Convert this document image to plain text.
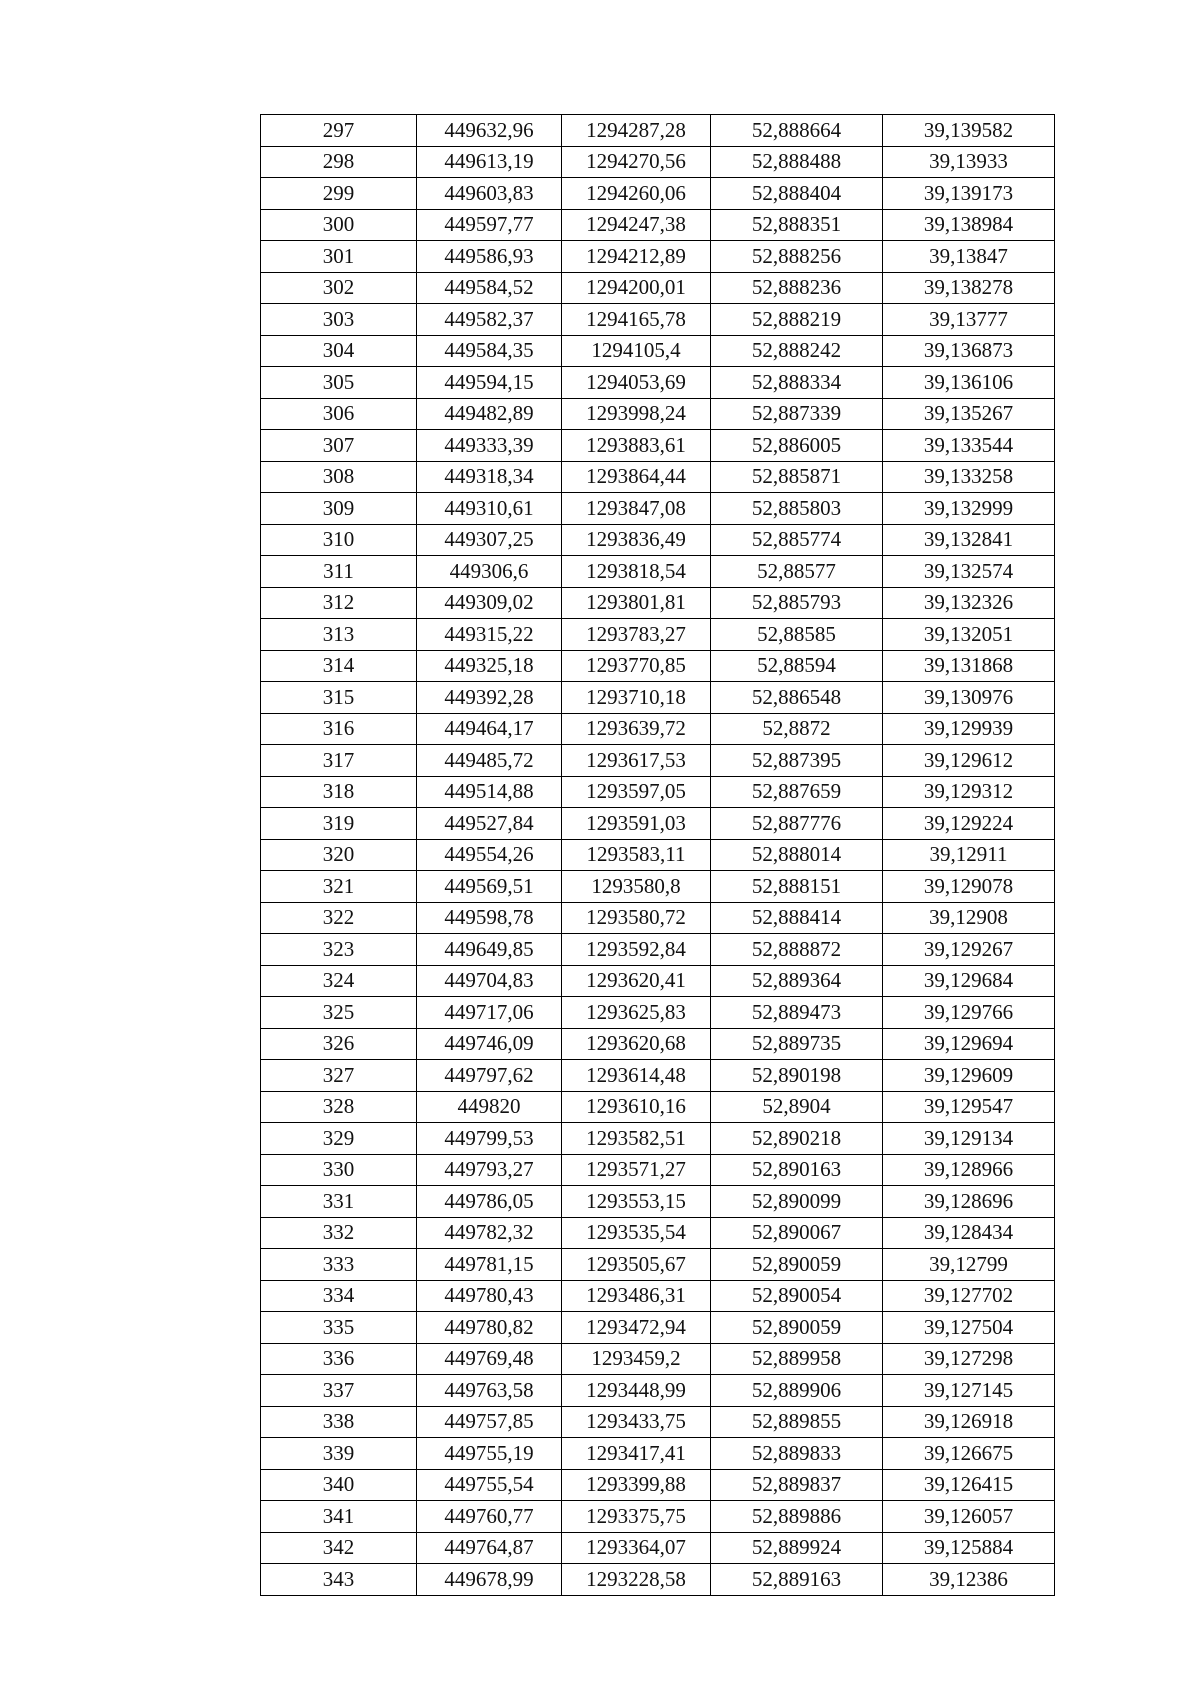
297	449632,96	1294287,28	52,888664	39,139582
298	449613,19	1294270,56	52,888488	39,13933
299	449603,83	1294260,06	52,888404	39,139173
300	449597,77	1294247,38	52,888351	39,138984
301	449586,93	1294212,89	52,888256	39,13847
302	449584,52	1294200,01	52,888236	39,138278
303	449582,37	1294165,78	52,888219	39,13777
304	449584,35	1294105,4	52,888242	39,136873
305	449594,15	1294053,69	52,888334	39,136106
306	449482,89	1293998,24	52,887339	39,135267
307	449333,39	1293883,61	52,886005	39,133544
308	449318,34	1293864,44	52,885871	39,133258
309	449310,61	1293847,08	52,885803	39,132999
310	449307,25	1293836,49	52,885774	39,132841
311	449306,6	1293818,54	52,88577	39,132574
312	449309,02	1293801,81	52,885793	39,132326
313	449315,22	1293783,27	52,88585	39,132051
314	449325,18	1293770,85	52,88594	39,131868
315	449392,28	1293710,18	52,886548	39,130976
316	449464,17	1293639,72	52,8872	39,129939
317	449485,72	1293617,53	52,887395	39,129612
318	449514,88	1293597,05	52,887659	39,129312
319	449527,84	1293591,03	52,887776	39,129224
320	449554,26	1293583,11	52,888014	39,12911
321	449569,51	1293580,8	52,888151	39,129078
322	449598,78	1293580,72	52,888414	39,12908
323	449649,85	1293592,84	52,888872	39,129267
324	449704,83	1293620,41	52,889364	39,129684
325	449717,06	1293625,83	52,889473	39,129766
326	449746,09	1293620,68	52,889735	39,129694
327	449797,62	1293614,48	52,890198	39,129609
328	449820	1293610,16	52,8904	39,129547
329	449799,53	1293582,51	52,890218	39,129134
330	449793,27	1293571,27	52,890163	39,128966
331	449786,05	1293553,15	52,890099	39,128696
332	449782,32	1293535,54	52,890067	39,128434
333	449781,15	1293505,67	52,890059	39,12799
334	449780,43	1293486,31	52,890054	39,127702
335	449780,82	1293472,94	52,890059	39,127504
336	449769,48	1293459,2	52,889958	39,127298
337	449763,58	1293448,99	52,889906	39,127145
338	449757,85	1293433,75	52,889855	39,126918
339	449755,19	1293417,41	52,889833	39,126675
340	449755,54	1293399,88	52,889837	39,126415
341	449760,77	1293375,75	52,889886	39,126057
342	449764,87	1293364,07	52,889924	39,125884
343	449678,99	1293228,58	52,889163	39,12386
